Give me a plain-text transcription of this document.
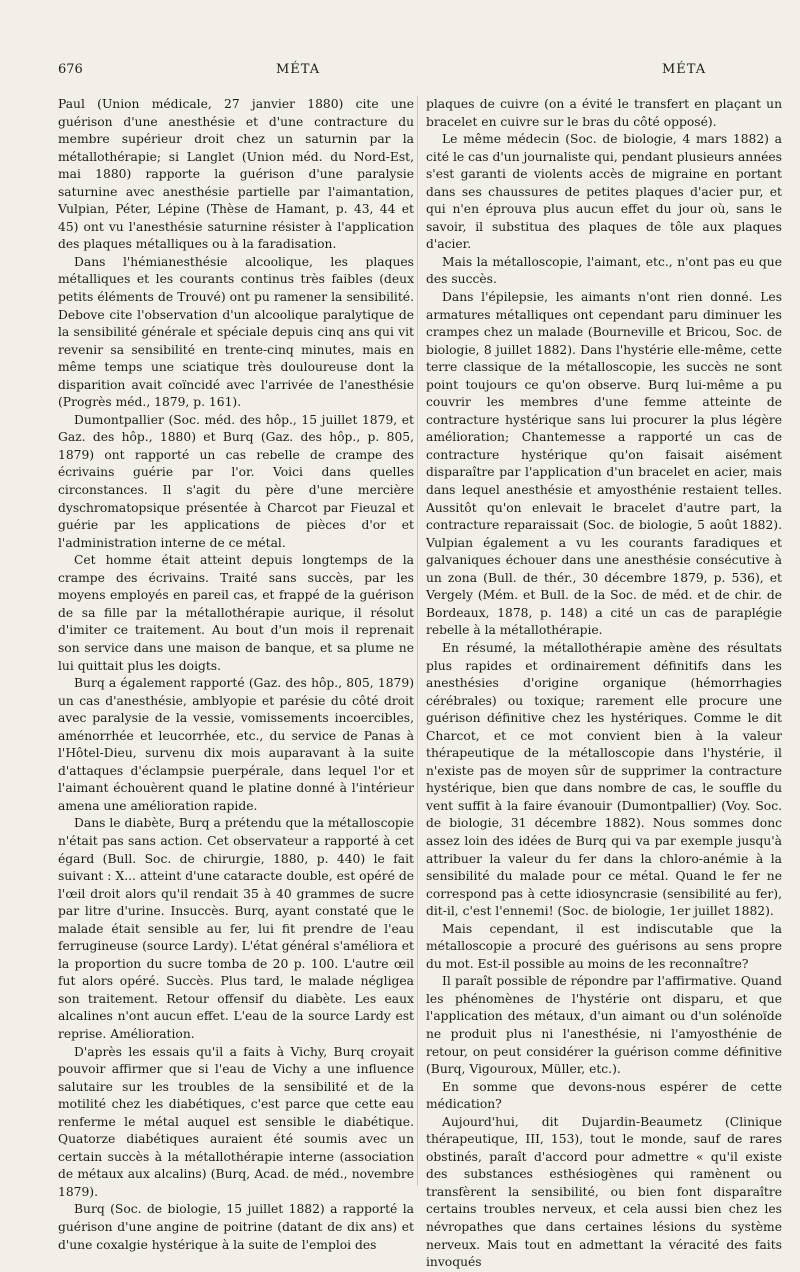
676	MÉTA	MÉTA

Paul (Union médicale, 27 janvier 1880) cite une guérison d'une anesthésie et d'une contracture du membre supérieur droit chez un saturnin par la métallothérapie; si Langlet (Union méd. du Nord-Est, mai 1880) rapporte la guérison d'une paralysie saturnine avec anesthésie partielle par l'aimantation, Vulpian, Péter, Lépine (Thèse de Hamant, p. 43, 44 et 45) ont vu l'anesthésie saturnine résister à l'application des plaques métalliques ou à la faradisation.

Dans l'hémianesthésie alcoolique, les plaques métalliques et les courants continus très faibles (deux petits éléments de Trouvé) ont pu ramener la sensibilité. Debove cite l'observation d'un alcoolique paralytique de la sensibilité générale et spéciale depuis cinq ans qui vit revenir sa sensibilité en trente-cinq minutes, mais en même temps une sciatique très douloureuse dont la disparition avait coïncidé avec l'arrivée de l'anesthésie (Progrès méd., 1879, p. 161).

Dumontpallier (Soc. méd. des hôp., 15 juillet 1879, et Gaz. des hôp., 1880) et Burq (Gaz. des hôp., p. 805, 1879) ont rapporté un cas rebelle de crampe des écrivains guérie par l'or. Voici dans quelles circonstances. Il s'agit du père d'une mercière dyschromatopsique présentée à Charcot par Fieuzal et guérie par les applications de pièces d'or et l'administration interne de ce métal.

Cet homme était atteint depuis longtemps de la crampe des écrivains. Traité sans succès, par les moyens employés en pareil cas, et frappé de la guérison de sa fille par la métallothérapie aurique, il résolut d'imiter ce traitement. Au bout d'un mois il reprenait son service dans une maison de banque, et sa plume ne lui quittait plus les doigts.

Burq a également rapporté (Gaz. des hôp., 805, 1879) un cas d'anesthésie, amblyopie et parésie du côté droit avec paralysie de la vessie, vomissements incoercibles, aménorrhée et leucorrhée, etc., du service de Panas à l'Hôtel-Dieu, survenu dix mois auparavant à la suite d'attaques d'éclampsie puerpérale, dans lequel l'or et l'aimant échouèrent quand le platine donné à l'intérieur amena une amélioration rapide.

Dans le diabète, Burq a prétendu que la métalloscopie n'était pas sans action. Cet observateur a rapporté à cet égard (Bull. Soc. de chirurgie, 1880, p. 440) le fait suivant : X... atteint d'une cataracte double, est opéré de l'œil droit alors qu'il rendait 35 à 40 grammes de sucre par litre d'urine. Insuccès. Burq, ayant constaté que le malade était sensible au fer, lui fit prendre de l'eau ferrugineuse (source Lardy). L'état général s'améliora et la proportion du sucre tomba de 20 p. 100. L'autre œil fut alors opéré. Succès. Plus tard, le malade négligea son traitement. Retour offensif du diabète. Les eaux alcalines n'ont aucun effet. L'eau de la source Lardy est reprise. Amélioration.

D'après les essais qu'il a faits à Vichy, Burq croyait pouvoir affirmer que si l'eau de Vichy a une influence salutaire sur les troubles de la sensibilité et de la motilité chez les diabétiques, c'est parce que cette eau renferme le métal auquel est sensible le diabétique. Quatorze diabétiques auraient été soumis avec un certain succès à la métallothérapie interne (association de métaux aux alcalins) (Burq, Acad. de méd., novembre 1879).

Burq (Soc. de biologie, 15 juillet 1882) a rapporté la guérison d'une angine de poitrine (datant de dix ans) et d'une coxalgie hystérique à la suite de l'emploi des

plaques de cuivre (on a évité le transfert en plaçant un bracelet en cuivre sur le bras du côté opposé).

Le même médecin (Soc. de biologie, 4 mars 1882) a cité le cas d'un journaliste qui, pendant plusieurs années s'est garanti de violents accès de migraine en portant dans ses chaussures de petites plaques d'acier pur, et qui n'en éprouva plus aucun effet du jour où, sans le savoir, il substitua des plaques de tôle aux plaques d'acier.

Mais la métalloscopie, l'aimant, etc., n'ont pas eu que des succès.

Dans l'épilepsie, les aimants n'ont rien donné. Les armatures métalliques ont cependant paru diminuer les crampes chez un malade (Bourneville et Bricou, Soc. de biologie, 8 juillet 1882). Dans l'hystérie elle-même, cette terre classique de la métalloscopie, les succès ne sont point toujours ce qu'on observe. Burq lui-même a pu couvrir les membres d'une femme atteinte de contracture hystérique sans lui procurer la plus légère amélioration; Chantemesse a rapporté un cas de contracture hystérique qu'on faisait aisément disparaître par l'application d'un bracelet en acier, mais dans lequel anesthésie et amyosthénie restaient telles. Aussitôt qu'on enlevait le bracelet d'autre part, la contracture reparaissait (Soc. de biologie, 5 août 1882). Vulpian également a vu les courants faradiques et galvaniques échouer dans une anesthésie consécutive à un zona (Bull. de thér., 30 décembre 1879, p. 536), et Vergely (Mém. et Bull. de la Soc. de méd. et de chir. de Bordeaux, 1878, p. 148) a cité un cas de paraplégie rebelle à la métallothérapie.

En résumé, la métallothérapie amène des résultats plus rapides et ordinairement définitifs dans les anesthésies d'origine organique (hémorrhagies cérébrales) ou toxique; rarement elle procure une guérison définitive chez les hystériques. Comme le dit Charcot, et ce mot convient bien à la valeur thérapeutique de la métalloscopie dans l'hystérie, il n'existe pas de moyen sûr de supprimer la contracture hystérique, bien que dans nombre de cas, le souffle du vent suffit à la faire évanouir (Dumontpallier) (Voy. Soc. de biologie, 31 décembre 1882). Nous sommes donc assez loin des idées de Burq qui va par exemple jusqu'à attribuer la valeur du fer dans la chloro-anémie à la sensibilité du malade pour ce métal. Quand le fer ne correspond pas à cette idiosyncrasie (sensibilité au fer), dit-il, c'est l'ennemi! (Soc. de biologie, 1er juillet 1882).

Mais cependant, il est indiscutable que la métalloscopie a procuré des guérisons au sens propre du mot. Est-il possible au moins de les reconnaître?

Il paraît possible de répondre par l'affirmative. Quand les phénomènes de l'hystérie ont disparu, et que l'application des métaux, d'un aimant ou d'un solénoïde ne produit plus ni l'anesthésie, ni l'amyosthénie de retour, on peut considérer la guérison comme définitive (Burq, Vigouroux, Müller, etc.).

En somme que devons-nous espérer de cette médication?

Aujourd'hui, dit Dujardin-Beaumetz (Clinique thérapeutique, III, 153), tout le monde, sauf de rares obstinés, paraît d'accord pour admettre « qu'il existe des substances esthésiogènes qui ramènent ou transfèrent la sensibilité, ou bien font disparaître certains troubles nerveux, et cela aussi bien chez les névropathes que dans certaines lésions du système nerveux. Mais tout en admettant la véracité des faits invoqués
